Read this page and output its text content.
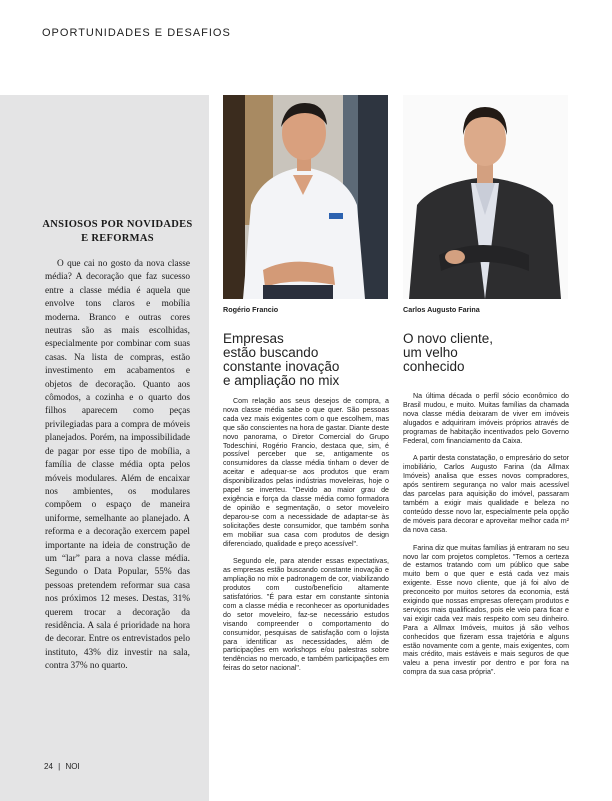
OPORTUNIDADES E DESAFIOS
ANSIOSOS POR NOVIDADES E REFORMAS
O que cai no gosto da nova classe média? A decoração que faz sucesso entre a classe média é aquela que envolve tons claros e mobília moderna. Branco e outras cores neutras são as mais escolhidas, especialmente por combinar com suas casas. Na lista de compras, estão investimento em acabamentos e objetos de decoração. Quanto aos cômodos, a cozinha e o quarto dos filhos aparecem como peças privilegiadas para a compra de móveis planejados. Porém, na impossibilidade de pagar por esse tipo de mobília, a família de classe média opta pelos móveis modulares. Além de encaixar nos ambientes, os modulares compõem o espaço de maneira uniforme, semelhante ao planejado. A reforma e a decoração exercem papel importante na ideia de construção de um “lar” para a nova classe média. Segundo o Data Popular, 55% das pessoas pretendem reformar sua casa nos próximos 12 meses. Destas, 31% querem trocar a decoração da residência. A sala é prioridade na hora de decorar. Entre os entrevistados pelo instituto, 43% diz investir na sala, contra 37% no quarto.
Rogério Francio	Carlos Augusto Farina
Empresas
estão buscando
constante inovação
e ampliação no mix
O novo cliente,
um velho
conhecido

Com relação aos seus desejos de compra, a nova classe média sabe o que quer. São pessoas cada vez mais exigentes com o que escolhem, mas que são conscientes na hora de gastar. Diante deste novo panorama, o Diretor Comercial do Grupo Todeschini, Rogério Francio, destaca que, sim, é possível perceber que se, antigamente os consumidores da classe média tinham o dever de aceitar e adequar-se aos produtos que eram disponibilizados pelas indústrias moveleiras, hoje o papel se inverteu. "Devido ao maior grau de exigência e força da classe média como formadora de opinião e segmentação, o setor moveleiro deparou-se com a necessidade de adaptar-se às solicitações deste consumidor, que também sonha em mobiliar sua casa com produtos de design diferenciado, qualidade e preço acessível".

Segundo ele, para atender essas expectativas, as empresas estão buscando constante inovação e ampliação no mix e padronagem de cor, viabilizando produtos com custo/benefício altamente satisfatórios. "É para estar em constante sintonia com a classe média e reconhecer as oportunidades do setor moveleiro, faz-se necessário estudos visando compreender o comportamento do consumidor, pesquisas de satisfação com o lojista para identificar as necessidades, além de participações em workshops e/ou palestras sobre tendências no mercado, e também participações em feiras do setor nacional".

Na última década o perfil sócio econômico do Brasil mudou, e muito. Muitas famílias da chamada nova classe média deixaram de viver em imóveis alugados e adquiriram imóveis próprios através de programas de habitação incentivados pelo Governo Federal, com financiamento da Caixa.

A partir desta constatação, o empresário do setor imobiliário, Carlos Augusto Farina (da Allmax Imóveis) analisa que esses novos compradores, após sentirem segurança no valor mais acessível das parcelas para aquisição do imóvel, passaram também a exigir mais qualidade e beleza no conteúdo desse novo lar, especialmente pela opção de móveis para decorar e aproveitar melhor cada m² da nova casa.

Farina diz que muitas famílias já entraram no seu novo lar com projetos completos. "Temos a certeza de estamos tratando com um público que sabe muito bem o que quer e está cada vez mais exigente. Esse novo cliente, que já foi alvo de preconceito por muitos setores da economia, está exigindo que nossas empresas ofereçam produtos e serviços mais qualificados, pois ele veio para ficar e vai exigir cada vez mais respeito com seu dinheiro. Para a Allmax Imóveis, muitos já são velhos conhecidos que fizeram essa trajetória e alguns estão novamente com a gente, mais exigentes, com mais crédito, mais estáveis e mais seguros de que valeu a pena investir por dentro e por fora na compra da sua casa própria".

24 | NOI
